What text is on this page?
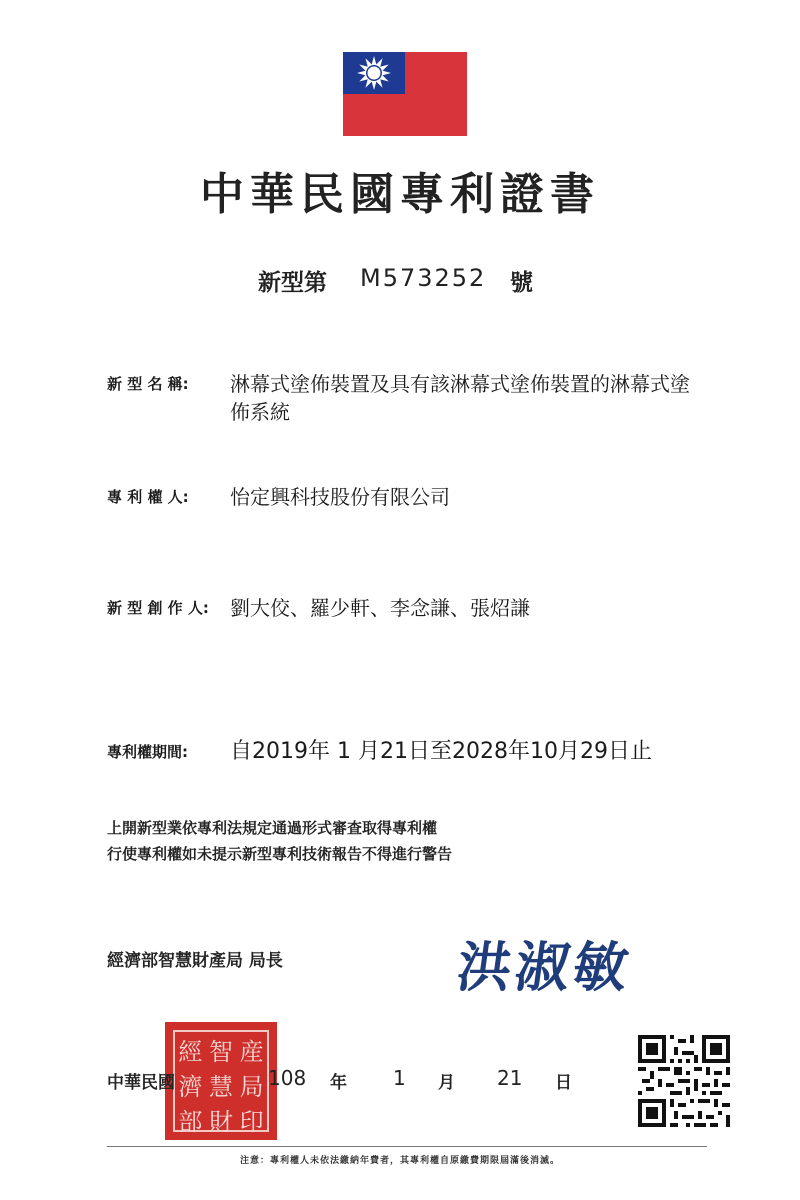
中華民國專利證書
新型第 M573252 號
新 型 名 稱:	淋幕式塗佈裝置及具有該淋幕式塗佈裝置的淋幕式塗佈系統
專 利 權 人:	怡定興科技股份有限公司
新 型 創 作 人:	劉大佼、羅少軒、李念謙、張炤謙
專利權期間:	自2019年 1 月21日至2028年10月29日止
上開新型業依專利法規定通過形式審查取得專利權
行使專利權如未提示新型專利技術報告不得進行警告
經濟部智慧財產局 局長	洪淑敏
經 智 産
濟 慧 局
部 財 印
中華民國	108 年 1 月 21 日
注意：專利權人未依法繳納年費者，其專利權自原繳費期限屆滿後消滅。
